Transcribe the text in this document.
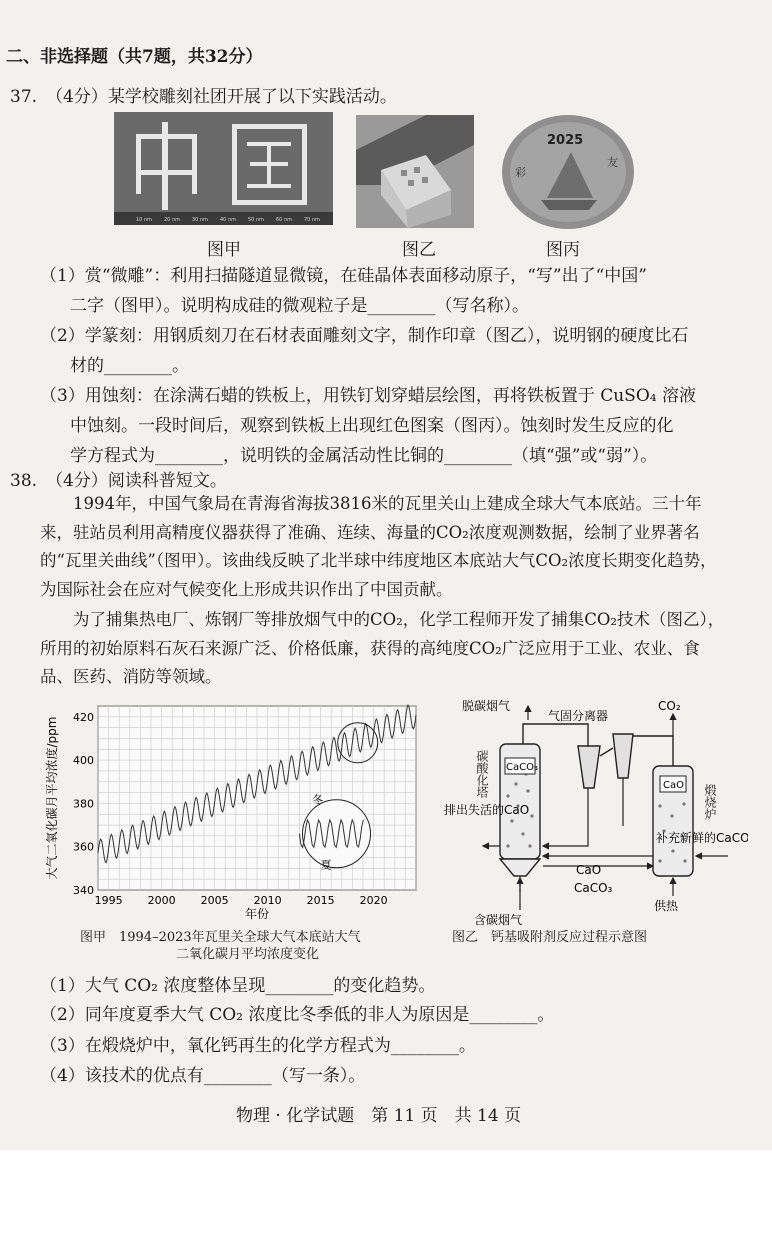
二、非选择题（共7题，共32分）
37. （4分）某学校雕刻社团开展了以下实践活动。
10 nm 20 nm 30 nm 40 nm 50 nm 60 nm 70 nm
图甲	图乙
2025
彩
友
图丙
（1）赏“微雕”：利用扫描隧道显微镜，在硅晶体表面移动原子，“写”出了“中国”
二字（图甲）。说明构成硅的微观粒子是________（写名称）。
（2）学篆刻：用钢质刻刀在石材表面雕刻文字，制作印章（图乙），说明钢的硬度比石
材的________。
（3）用蚀刻：在涂满石蜡的铁板上，用铁钉划穿蜡层绘图，再将铁板置于 CuSO₄ 溶液
中蚀刻。一段时间后，观察到铁板上出现红色图案（图丙）。蚀刻时发生反应的化
学方程式为________，说明铁的金属活动性比铜的________（填“强”或“弱”）。
38. （4分）阅读科普短文。
1994年，中国气象局在青海省海拔3816米的瓦里关山上建成全球大气本底站。三十年来，驻站员利用高精度仪器获得了准确、连续、海量的CO₂浓度观测数据，绘制了业界著名的“瓦里关曲线”（图甲）。该曲线反映了北半球中纬度地区本底站大气CO₂浓度长期变化趋势，为国际社会在应对气候变化上形成共识作出了中国贡献。
为了捕集热电厂、炼钢厂等排放烟气中的CO₂，化学工程师开发了捕集CO₂技术（图乙），所用的初始原料石灰石来源广泛、价格低廉，获得的高纯度CO₂广泛应用于工业、农业、食品、医药、消防等领域。
340
360
380
400
420
1995 2000 2005 2010 2015 2020
冬
夏
年份
大气二氧化碳月平均浓度/ppm
图甲　1994–2023年瓦里关全球大气本底站大气
二氧化碳月平均浓度变化
CaCO₃
CaO
脱碳烟气
气固分离器
CO₂
排出失活的CaO
补充新鲜的CaCO₃
CaO
CaCO₃
含碳烟气
供热
碳酸化塔
煅烧炉
图乙　钙基吸附剂反应过程示意图
（1）大气 CO₂ 浓度整体呈现________的变化趋势。
（2）同年度夏季大气 CO₂ 浓度比冬季低的非人为原因是________。
（3）在煅烧炉中，氧化钙再生的化学方程式为________。
（4）该技术的优点有________（写一条）。
物理 · 化学试题　第 11 页　共 14 页
